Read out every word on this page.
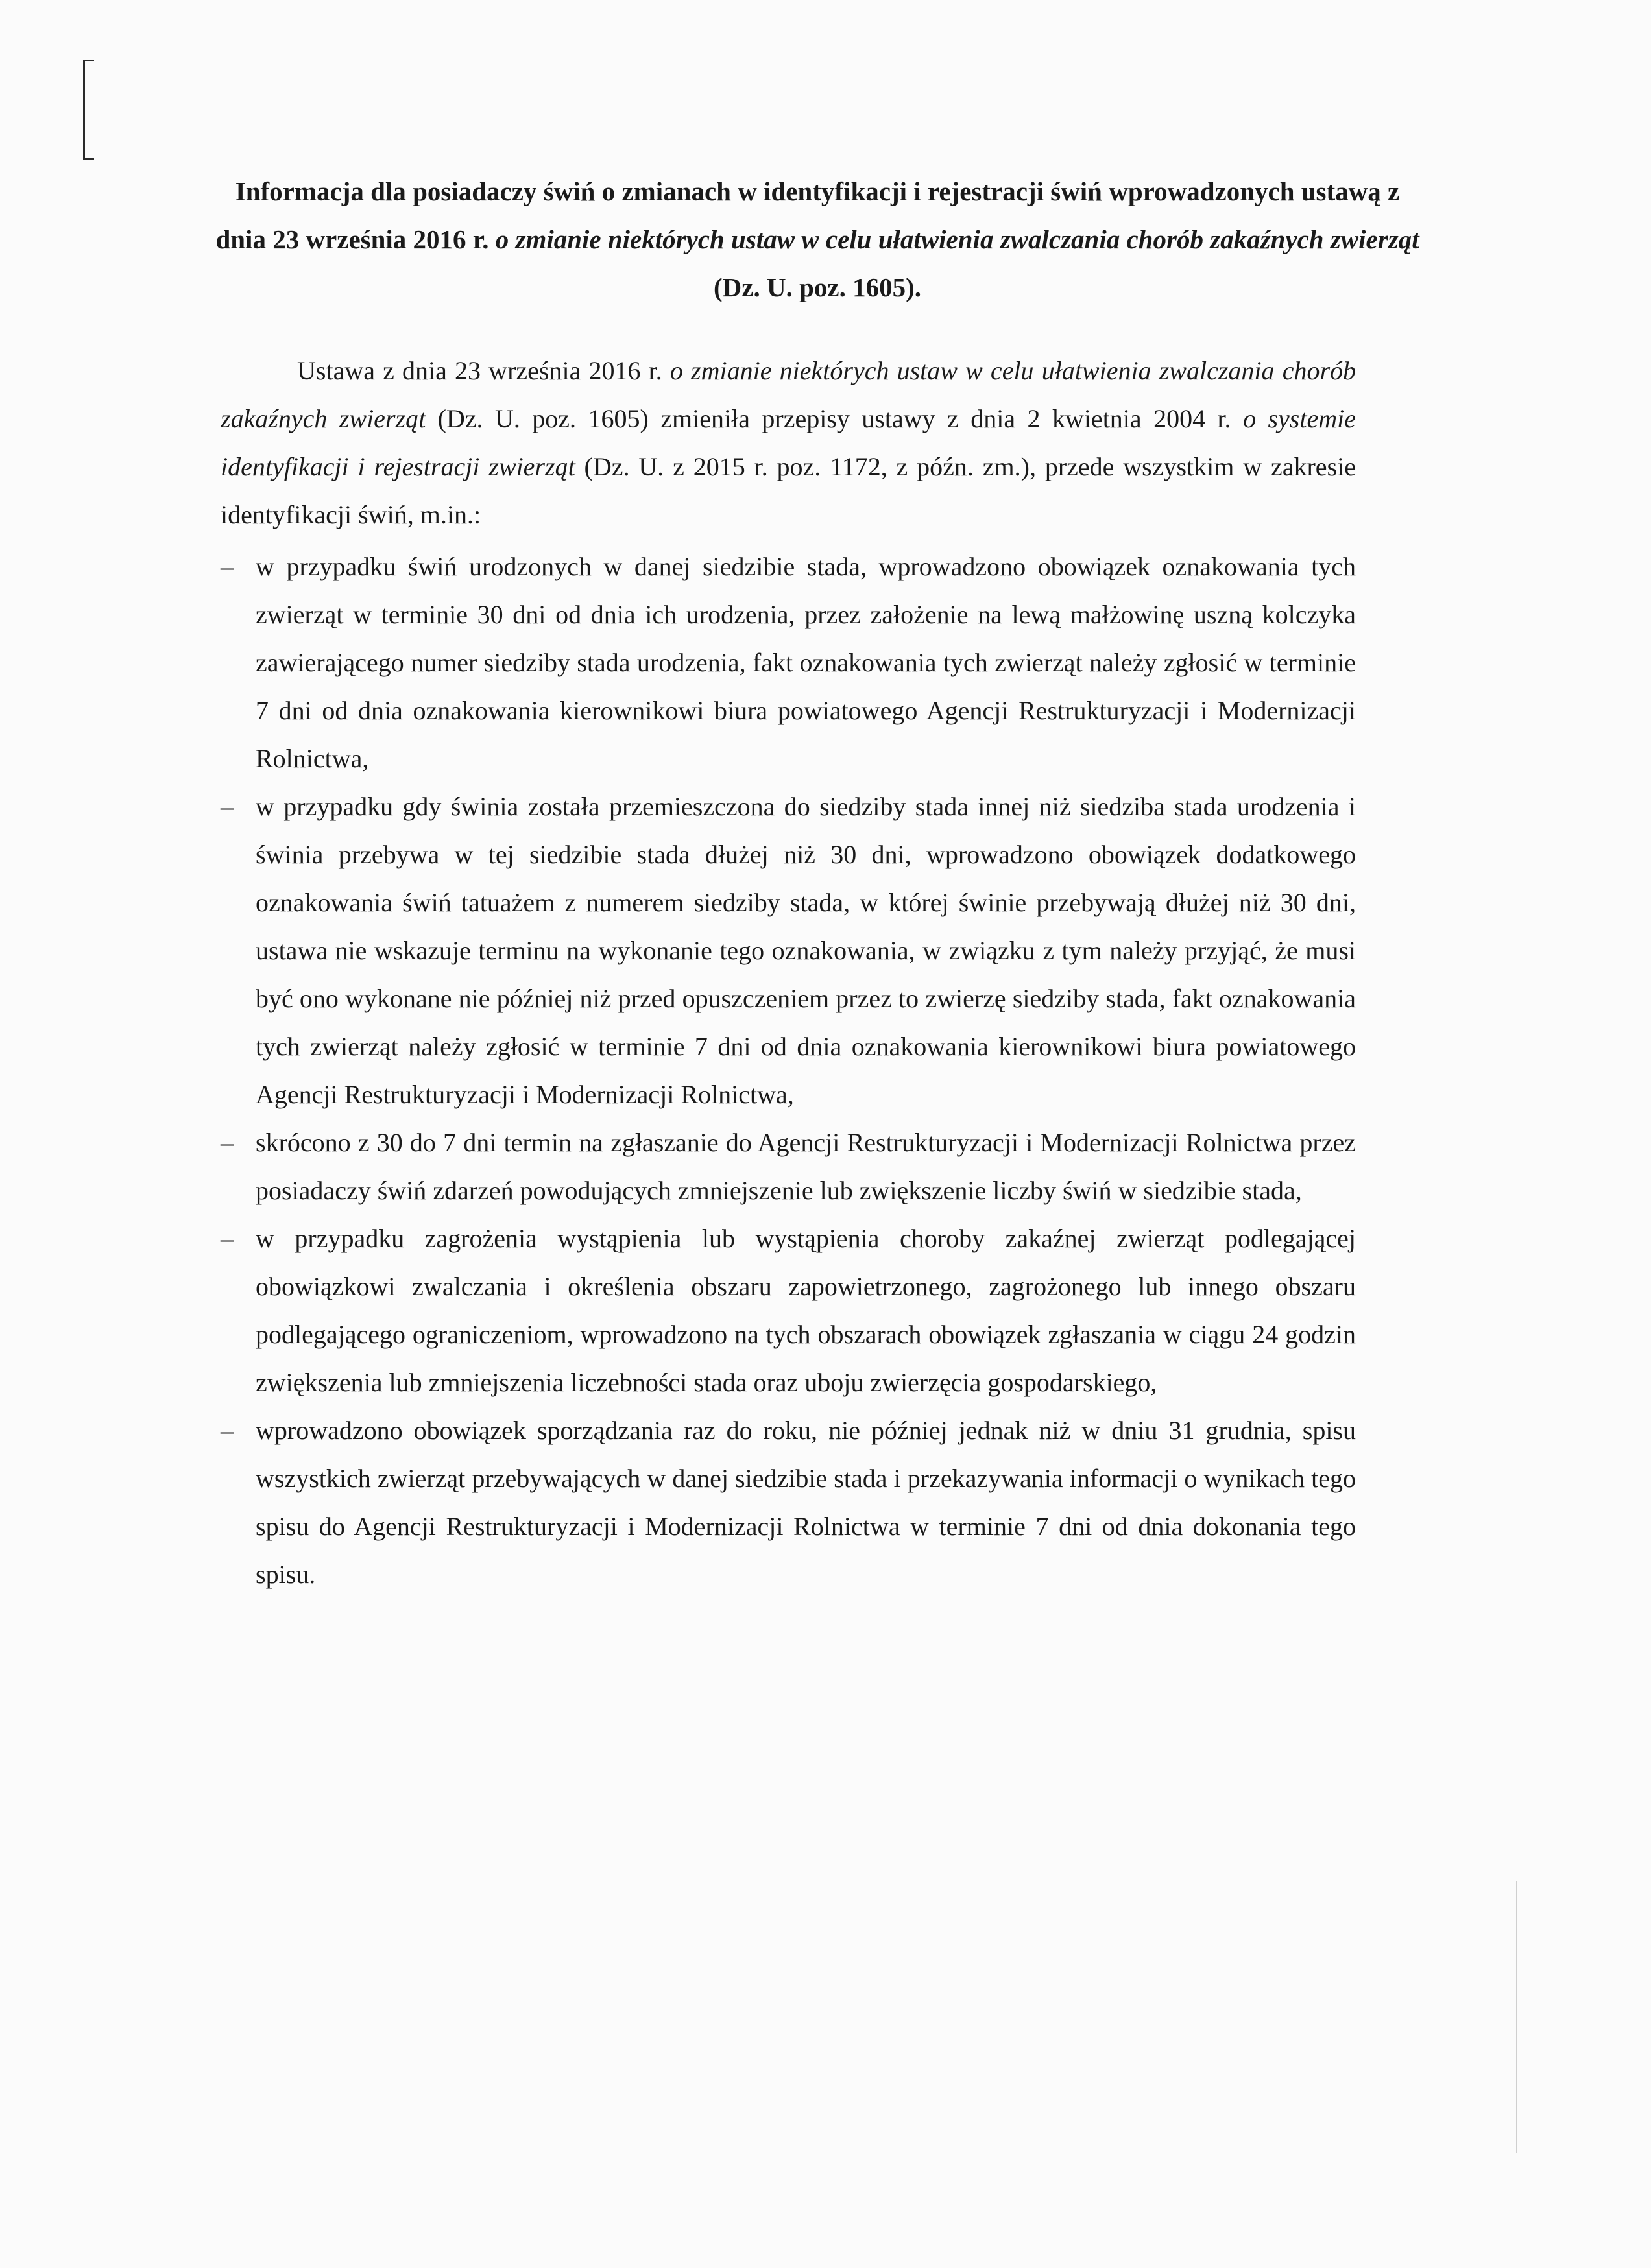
Informacja dla posiadaczy świń o zmianach w identyfikacji i rejestracji świń wprowadzonych ustawą z dnia 23 września 2016 r. o zmianie niektórych ustaw w celu ułatwienia zwalczania chorób zakaźnych zwierząt (Dz. U. poz. 1605).

Ustawa z dnia 23 września 2016 r. o zmianie niektórych ustaw w celu ułatwienia zwalczania chorób zakaźnych zwierząt (Dz. U. poz. 1605) zmieniła przepisy ustawy z dnia 2 kwietnia 2004 r. o systemie identyfikacji i rejestracji zwierząt (Dz. U. z 2015 r. poz. 1172, z późn. zm.), przede wszystkim w zakresie identyfikacji świń, m.in.:

– w przypadku świń urodzonych w danej siedzibie stada, wprowadzono obowiązek oznakowania tych zwierząt w terminie 30 dni od dnia ich urodzenia, przez założenie na lewą małżowinę uszną kolczyka zawierającego numer siedziby stada urodzenia, fakt oznakowania tych zwierząt należy zgłosić w terminie 7 dni od dnia oznakowania kierownikowi biura powiatowego Agencji Restrukturyzacji i Modernizacji Rolnictwa,
– w przypadku gdy świnia została przemieszczona do siedziby stada innej niż siedziba stada urodzenia i świnia przebywa w tej siedzibie stada dłużej niż 30 dni, wprowadzono obowiązek dodatkowego oznakowania świń tatuażem z numerem siedziby stada, w której świnie przebywają dłużej niż 30 dni, ustawa nie wskazuje terminu na wykonanie tego oznakowania, w związku z tym należy przyjąć, że musi być ono wykonane nie później niż przed opuszczeniem przez to zwierzę siedziby stada, fakt oznakowania tych zwierząt należy zgłosić w terminie 7 dni od dnia oznakowania kierownikowi biura powiatowego Agencji Restrukturyzacji i Modernizacji Rolnictwa,
– skrócono z 30 do 7 dni termin na zgłaszanie do Agencji Restrukturyzacji i Modernizacji Rolnictwa przez posiadaczy świń zdarzeń powodujących zmniejszenie lub zwiększenie liczby świń w siedzibie stada,
– w przypadku zagrożenia wystąpienia lub wystąpienia choroby zakaźnej zwierząt podlegającej obowiązkowi zwalczania i określenia obszaru zapowietrzonego, zagrożonego lub innego obszaru podlegającego ograniczeniom, wprowadzono na tych obszarach obowiązek zgłaszania w ciągu 24 godzin zwiększenia lub zmniejszenia liczebności stada oraz uboju zwierzęcia gospodarskiego,
– wprowadzono obowiązek sporządzania raz do roku, nie później jednak niż w dniu 31 grudnia, spisu wszystkich zwierząt przebywających w danej siedzibie stada i przekazywania informacji o wynikach tego spisu do Agencji Restrukturyzacji i Modernizacji Rolnictwa w terminie 7 dni od dnia dokonania tego spisu.
